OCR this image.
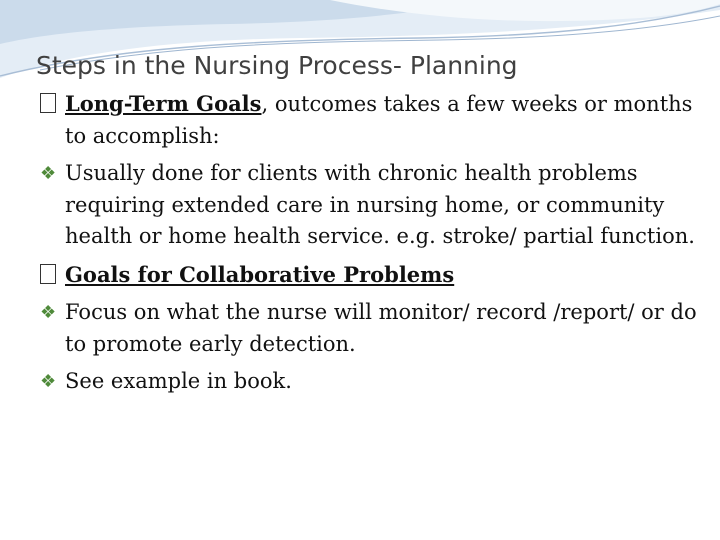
Steps in the Nursing Process- Planning
Long-Term Goals, outcomes takes a few weeks or months to accomplish:
❖ Usually done for clients with chronic health problems requiring extended care in nursing home, or community health or home health service. e.g. stroke/ partial function.
Goals for Collaborative Problems
❖ Focus on what the nurse will monitor/ record /report/ or do to promote early detection.
❖ See example in book.
